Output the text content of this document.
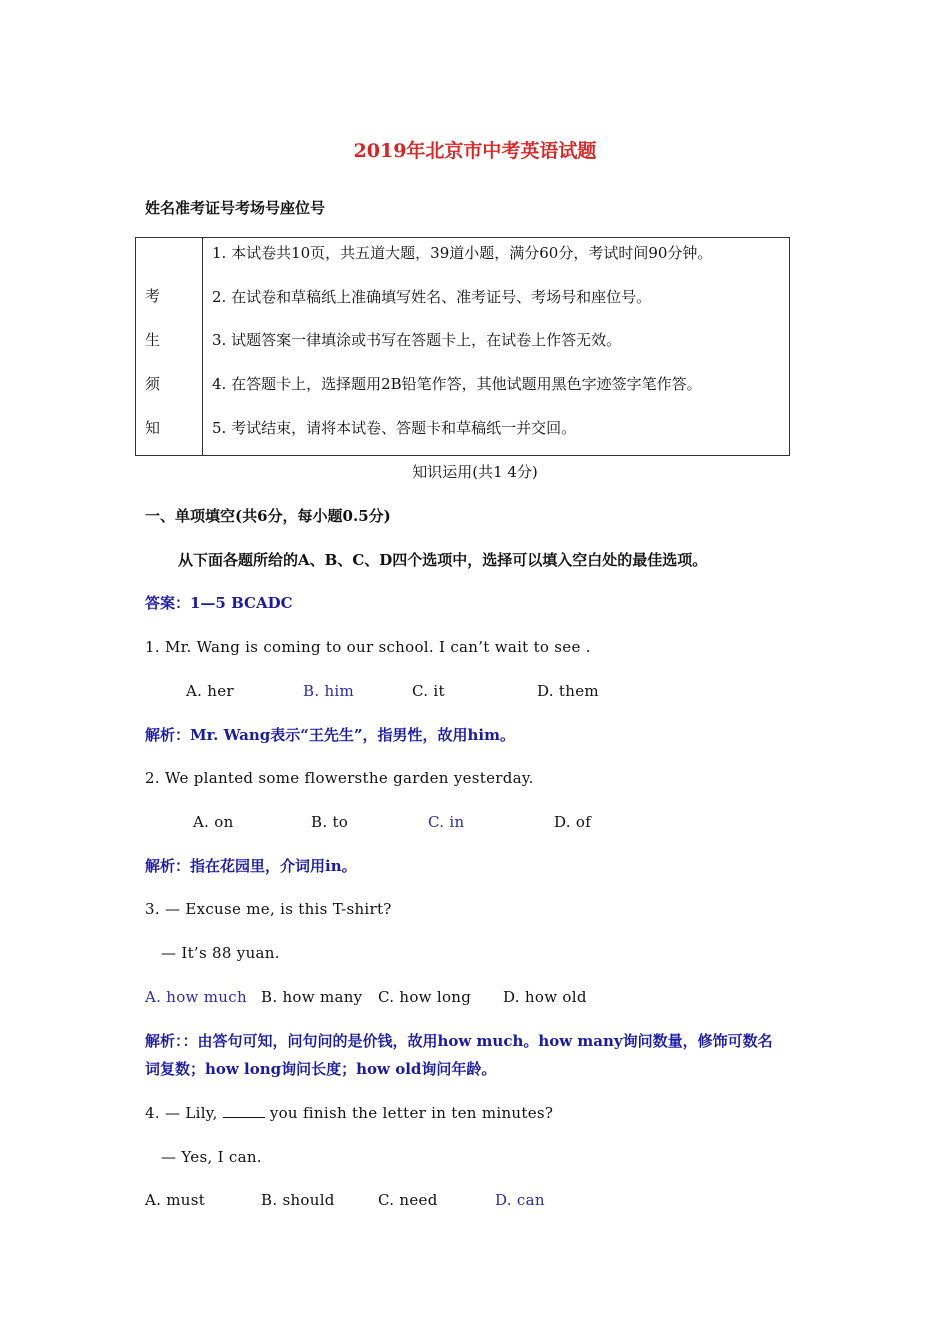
2019年北京市中考英语试题
姓名准考证号考场号座位号
考
生
须
知
1. 本试卷共10页，共五道大题，39道小题，满分60分，考试时间90分钟。
2. 在试卷和草稿纸上准确填写姓名、准考证号、考场号和座位号。
3. 试题答案一律填涂或书写在答题卡上，在试卷上作答无效。
4. 在答题卡上，选择题用2B铅笔作答，其他试题用黑色字迹签字笔作答。
5. 考试结束，请将本试卷、答题卡和草稿纸一并交回。
知识运用(共1 4分)
一、单项填空(共6分，每小题0.5分)
从下面各题所给的A、B、C、D四个选项中，选择可以填入空白处的最佳选项。
答案：1—5 BCADC
1. Mr. Wang is coming to our school. I can’t wait to see .
A. her	B. him	C. it	D. them
解析：Mr. Wang表示“王先生”，指男性，故用him。
2. We planted some flowersthe garden yesterday.
A. on	B. to	C. in	D. of
解析：指在花园里，介词用in。
3. — Excuse me, is this T-shirt?
— It’s 88 yuan.
A. how much B. how many C. how long D. how old
解析：：由答句可知，问句问的是价钱，故用how much。how many询问数量，修饰可数名
词复数；how long询问长度；how old询问年龄。
4. — Lily,	you finish the letter in ten minutes?
— Yes, I can.
A. must	B. should	C. need	D. can
